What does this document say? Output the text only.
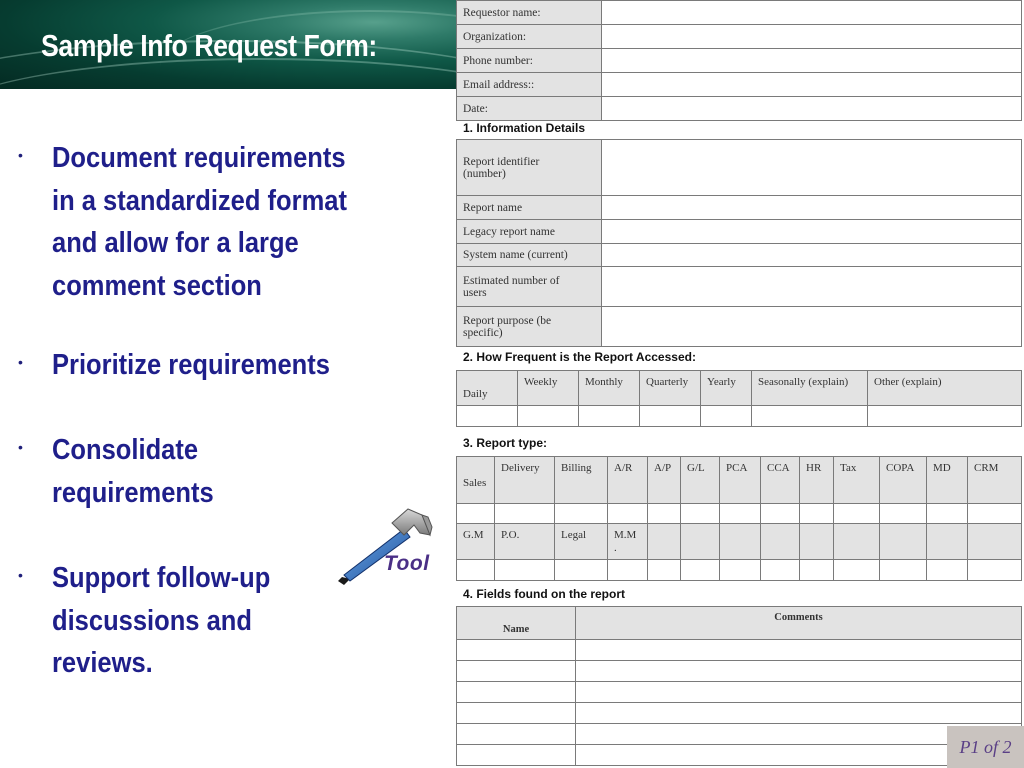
Sample Info Request Form:
• Document requirements
in a standardized format
and allow for a large
comment section
• Prioritize requirements
• Consolidate
requirements
• Support follow-up
discussions and
reviews.
Tool
Requestor name:	
Organization:	
Phone number:	
Email address::	
Date:	
1. Information Details
Report identifier
(number)	
Report name	
Legacy report name	
System name (current)	
Estimated number of
users	
Report purpose (be
specific)	
2. How Frequent is the Report Accessed:
Daily	Weekly	Monthly	Quarterly	Yearly	Seasonally (explain)	Other (explain)

3. Report type:
Sales	Delivery	Billing	A/R	A/P	G/L	PCA	CCA	HR	Tax	COPA	MD	CRM

G.M	P.O.	Legal	M.M
.									

4. Fields found on the report
Name	Comments

P1 of 2
